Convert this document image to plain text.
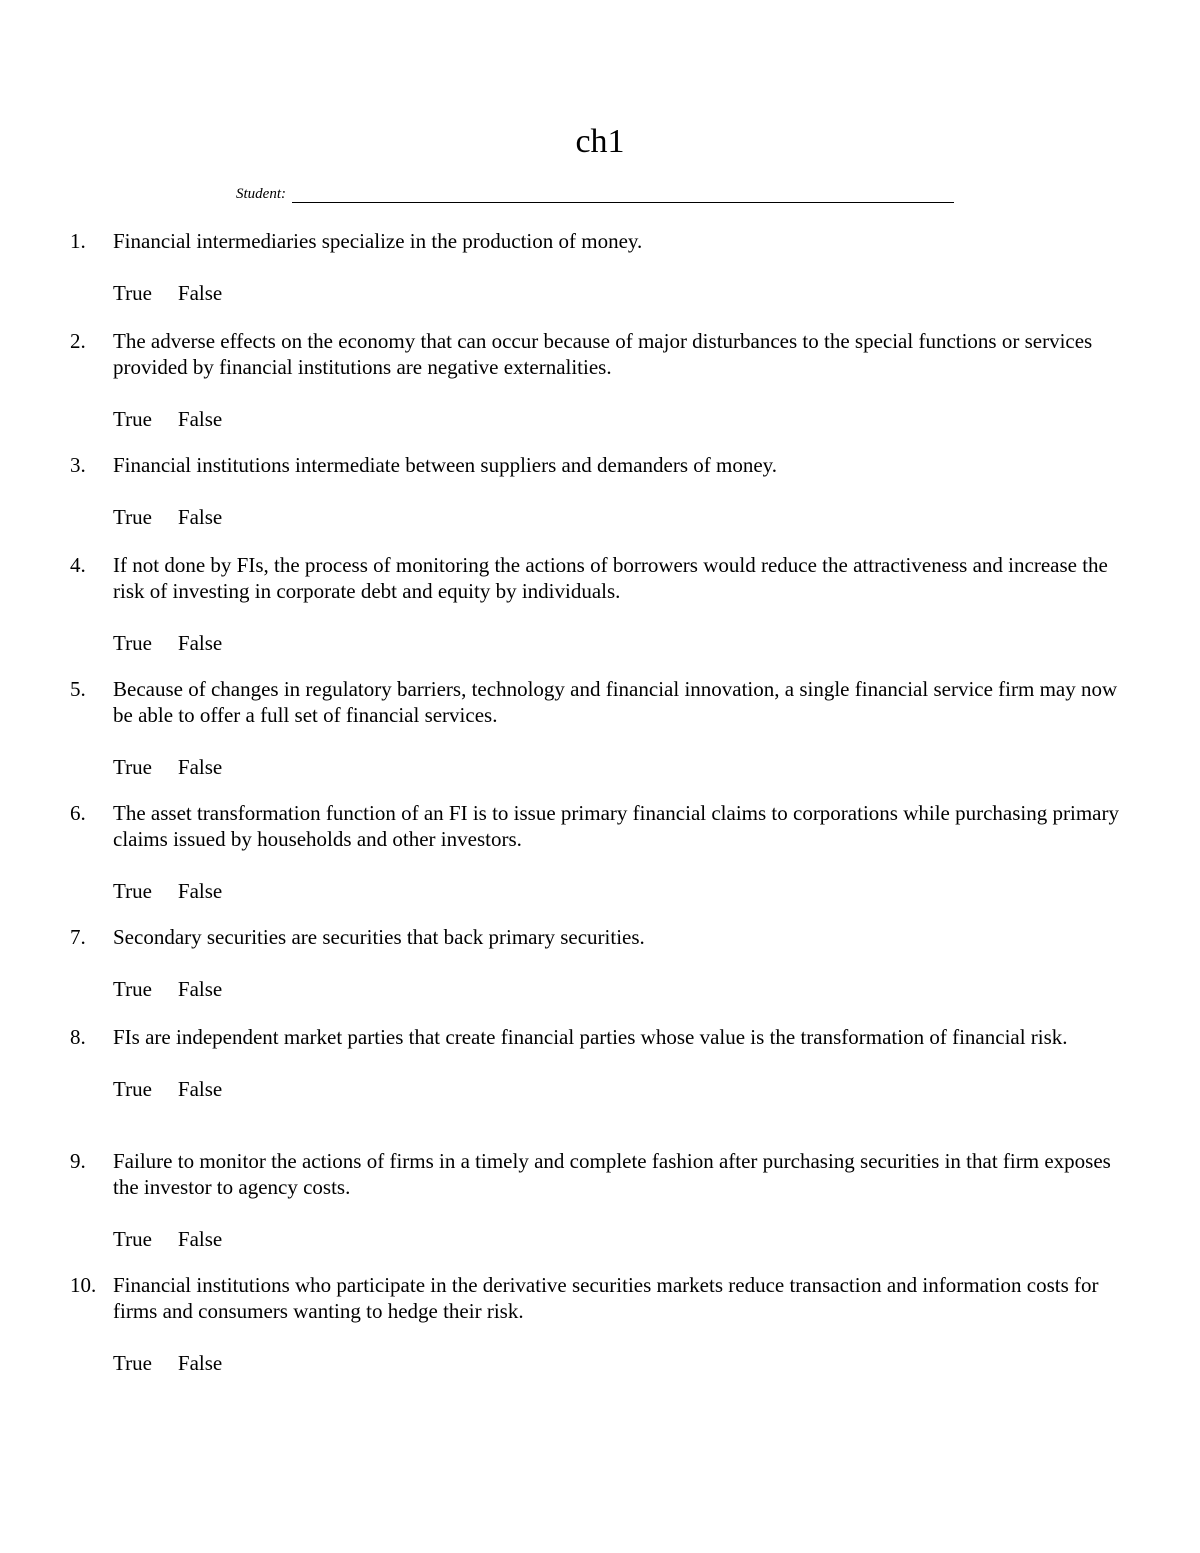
ch1
Student:
1. Financial intermediaries specialize in the production of money.

True False
2. The adverse effects on the economy that can occur because of major disturbances to the special functions or services provided by financial institutions are negative externalities.

True False
3. Financial institutions intermediate between suppliers and demanders of money.

True False
4. If not done by FIs, the process of monitoring the actions of borrowers would reduce the attractiveness and increase the risk of investing in corporate debt and equity by individuals.

True False
5. Because of changes in regulatory barriers, technology and financial innovation, a single financial service firm may now be able to offer a full set of financial services.

True False
6. The asset transformation function of an FI is to issue primary financial claims to corporations while purchasing primary claims issued by households and other investors.

True False
7. Secondary securities are securities that back primary securities.

True False
8. FIs are independent market parties that create financial parties whose value is the transformation of financial risk.

True False
9. Failure to monitor the actions of firms in a timely and complete fashion after purchasing securities in that firm exposes the investor to agency costs.

True False
10. Financial institutions who participate in the derivative securities markets reduce transaction and information costs for firms and consumers wanting to hedge their risk.

True False
